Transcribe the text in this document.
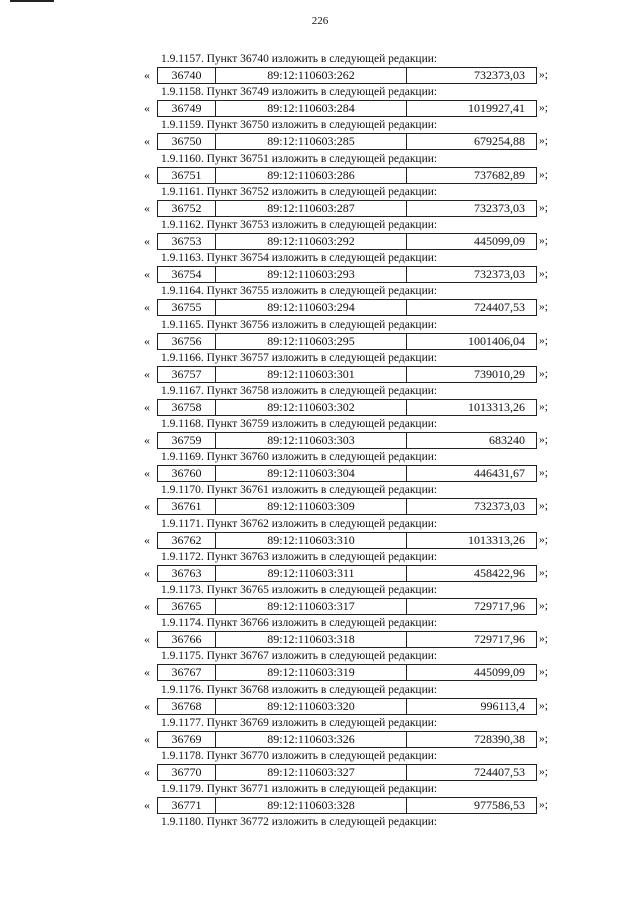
226
1.9.1157. Пункт 36740 изложить в следующей редакции:
«	36740	89:12:110603:262	732373,03	»;
1.9.1158. Пункт 36749 изложить в следующей редакции:
«	36749	89:12:110603:284	1019927,41	»;
1.9.1159. Пункт 36750 изложить в следующей редакции:
«	36750	89:12:110603:285	679254,88	»;
1.9.1160. Пункт 36751 изложить в следующей редакции:
«	36751	89:12:110603:286	737682,89	»;
1.9.1161. Пункт 36752 изложить в следующей редакции:
«	36752	89:12:110603:287	732373,03	»;
1.9.1162. Пункт 36753 изложить в следующей редакции:
«	36753	89:12:110603:292	445099,09	»;
1.9.1163. Пункт 36754 изложить в следующей редакции:
«	36754	89:12:110603:293	732373,03	»;
1.9.1164. Пункт 36755 изложить в следующей редакции:
«	36755	89:12:110603:294	724407,53	»;
1.9.1165. Пункт 36756 изложить в следующей редакции:
«	36756	89:12:110603:295	1001406,04	»;
1.9.1166. Пункт 36757 изложить в следующей редакции:
«	36757	89:12:110603:301	739010,29	»;
1.9.1167. Пункт 36758 изложить в следующей редакции:
«	36758	89:12:110603:302	1013313,26	»;
1.9.1168. Пункт 36759 изложить в следующей редакции:
«	36759	89:12:110603:303	683240	»;
1.9.1169. Пункт 36760 изложить в следующей редакции:
«	36760	89:12:110603:304	446431,67	»;
1.9.1170. Пункт 36761 изложить в следующей редакции:
«	36761	89:12:110603:309	732373,03	»;
1.9.1171. Пункт 36762 изложить в следующей редакции:
«	36762	89:12:110603:310	1013313,26	»;
1.9.1172. Пункт 36763 изложить в следующей редакции:
«	36763	89:12:110603:311	458422,96	»;
1.9.1173. Пункт 36765 изложить в следующей редакции:
«	36765	89:12:110603:317	729717,96	»;
1.9.1174. Пункт 36766 изложить в следующей редакции:
«	36766	89:12:110603:318	729717,96	»;
1.9.1175. Пункт 36767 изложить в следующей редакции:
«	36767	89:12:110603:319	445099,09	»;
1.9.1176. Пункт 36768 изложить в следующей редакции:
«	36768	89:12:110603:320	996113,4	»;
1.9.1177. Пункт 36769 изложить в следующей редакции:
«	36769	89:12:110603:326	728390,38	»;
1.9.1178. Пункт 36770 изложить в следующей редакции:
«	36770	89:12:110603:327	724407,53	»;
1.9.1179. Пункт 36771 изложить в следующей редакции:
«	36771	89:12:110603:328	977586,53	»;
1.9.1180. Пункт 36772 изложить в следующей редакции:
